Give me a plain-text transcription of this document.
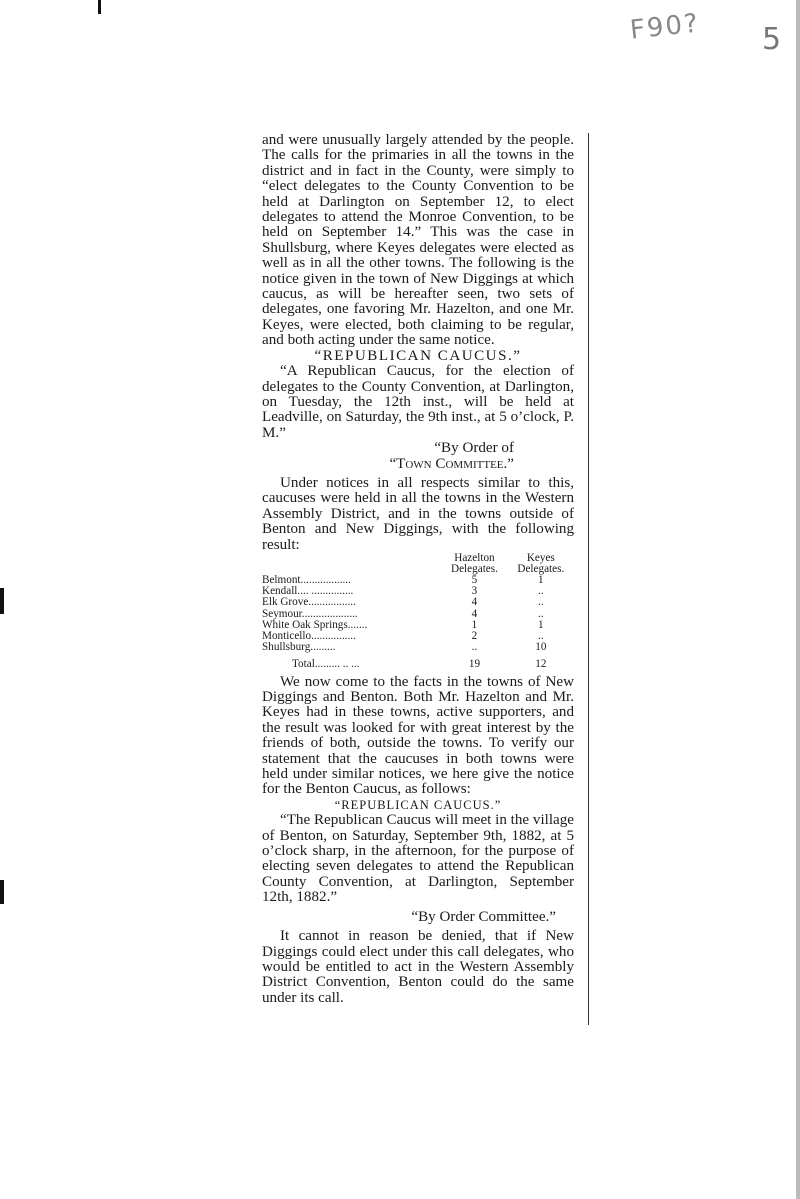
F90? 5

and were unusually largely attended by the people. The calls for the primaries in all the towns in the district and in fact in the County, were simply to “elect delegates to the County Convention to be held at Darlington on September 12, to elect delegates to attend the Monroe Convention, to be held on September 14.” This was the case in Shullsburg, where Keyes delegates were elected as well as in all the other towns. The following is the notice given in the town of New Diggings at which caucus, as will be hereafter seen, two sets of delegates, one favoring Mr. Hazelton, and one Mr. Keyes, were elected, both claiming to be regular, and both acting under the same notice.

“REPUBLICAN CAUCUS.”

“A Republican Caucus, for the election of delegates to the County Convention, at Darlington, on Tuesday, the 12th inst., will be held at Leadville, on Saturday, the 9th inst., at 5 o’clock, P. M.”

“By Order of

“Town Committee.”

Under notices in all respects similar to this, caucuses were held in all the towns in the Western Assembly District, and in the towns outside of Benton and New Diggings, with the following result:

	Hazelton
Delegates.	Keyes
Delegates.
Belmont..................	5	1
Kendall.... ...............	3	..
Elk Grove.................	4	..
Seymour....................	4	..
White Oak Springs.......	1	1
Monticello................	2	..
Shullsburg.........	..	10
Total......... .. ...	19	12

We now come to the facts in the towns of New Diggings and Benton. Both Mr. Hazelton and Mr. Keyes had in these towns, active supporters, and the result was looked for with great interest by the friends of both, outside the towns. To verify our statement that the caucuses in both towns were held under similar notices, we here give the notice for the Benton Caucus, as follows:

“REPUBLICAN CAUCUS.”

“The Republican Caucus will meet in the village of Benton, on Saturday, September 9th, 1882, at 5 o’clock sharp, in the afternoon, for the purpose of electing seven delegates to attend the Republican County Convention, at Darlington, September 12th, 1882.”

“By Order Committee.”

It cannot in reason be denied, that if New Diggings could elect under this call delegates, who would be entitled to act in the Western Assembly District Convention, Benton could do the same under its call.
